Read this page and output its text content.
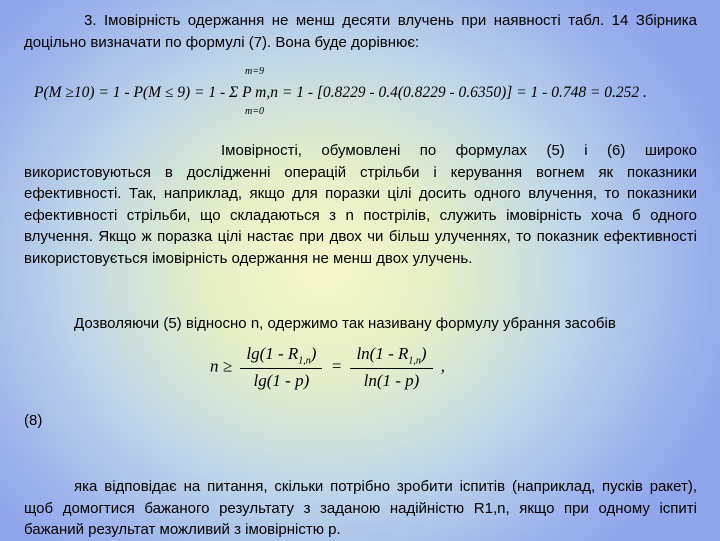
3. Імовірність одержання не менш десяти влучень при наявності табл. 14 Збірника доцільно визначати по формулі (7). Вона буде дорівнює:
P(M ≥10) = 1 - P(M ≤ 9) = 1 - Σ P m,n = 1 - [0.8229 - 0.4(0.8229 - 0.6350)] = 1 - 0.748 = 0.252 .
m=9
m=0
Імовірності, обумовлені по формулах (5) і (6) широко використовуються в дослідженні операцій стрільби і керування вогнем як показники ефективності. Так, наприклад, якщо для поразки цілі досить одного влучення, то показники ефективності стрільби, що складаються з n пострілів, служить імовірність хоча б одного влучення. Якщо ж поразка цілі настає при двох чи більш улученнях, то показник ефективності використовується імовірність одержання не менш двох улучень.
Дозволяючи (5) відносно n, одержимо так називану формулу убрання засобів
$n \ge \frac{\lg(1 - R_{1,n})}{\lg(1 - p)} = \frac{\ln(1 - R_{1,n})}{\ln(1 - p)}$ ,
(8)
яка відповідає на питання, скільки потрібно зробити іспитів (наприклад, пусків ракет), щоб домогтися бажаного результату з заданою надійністю R1,n, якщо при одному іспиті бажаний результат можливий з імовірністю p.
